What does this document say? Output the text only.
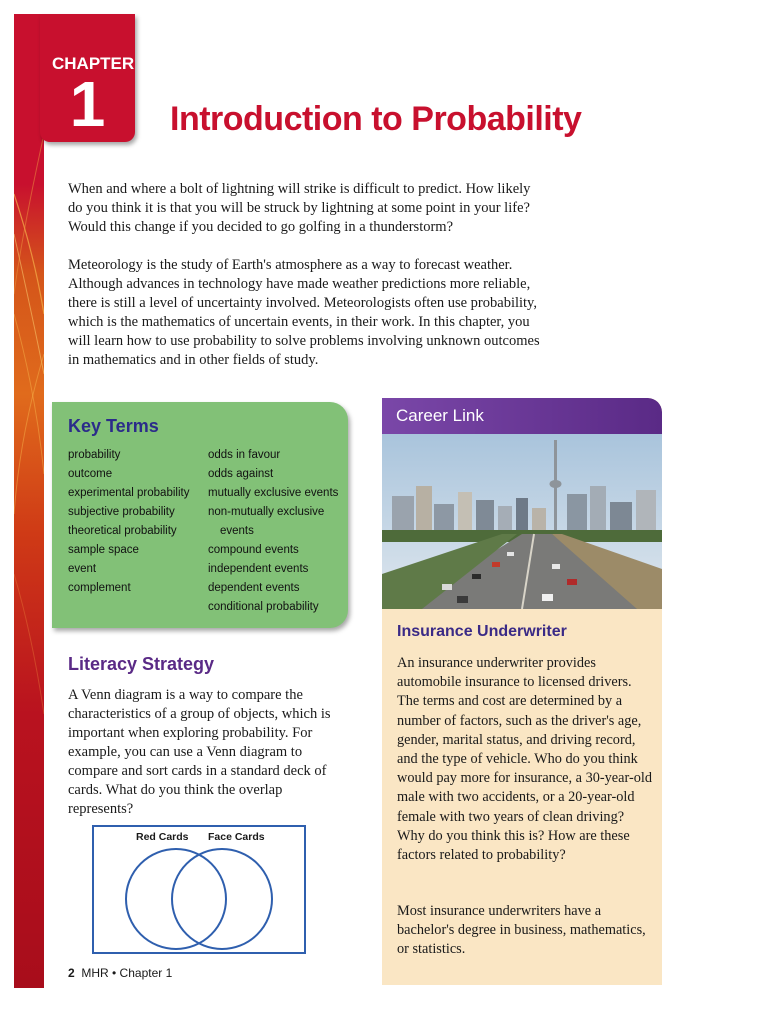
CHAPTER
1	Introduction to Probability

When and where a bolt of lightning will strike is difficult to predict. How likely do you think it is that you will be struck by lightning at some point in your life? Would this change if you decided to go golfing in a thunderstorm?

Meteorology is the study of Earth's atmosphere as a way to forecast weather. Although advances in technology have made weather predictions more reliable, there is still a level of uncertainty involved. Meteorologists often use probability, which is the mathematics of uncertain events, in their work. In this chapter, you will learn how to use probability to solve problems involving unknown outcomes in mathematics and in other fields of study.

Key Terms
probability
outcome
experimental probability
subjective probability
theoretical probability
sample space
event
complement
odds in favour
odds against
mutually exclusive events
non-mutually exclusive
events
compound events
independent events
dependent events
conditional probability
Literacy Strategy

A Venn diagram is a way to compare the characteristics of a group of objects, which is important when exploring probability. For example, you can use a Venn diagram to compare and sort cards in a standard deck of cards. What do you think the overlap represents?

Red Cards Face Cards
2 MHR • Chapter 1
Career Link
Insurance Underwriter

An insurance underwriter provides automobile insurance to licensed drivers. The terms and cost are determined by a number of factors, such as the driver's age, gender, marital status, and driving record, and the type of vehicle. Who do you think would pay more for insurance, a 30-year-old male with two accidents, or a 20-year-old female with two years of clean driving? Why do you think this is? How are these factors related to probability?

Most insurance underwriters have a bachelor's degree in business, mathematics, or statistics.
